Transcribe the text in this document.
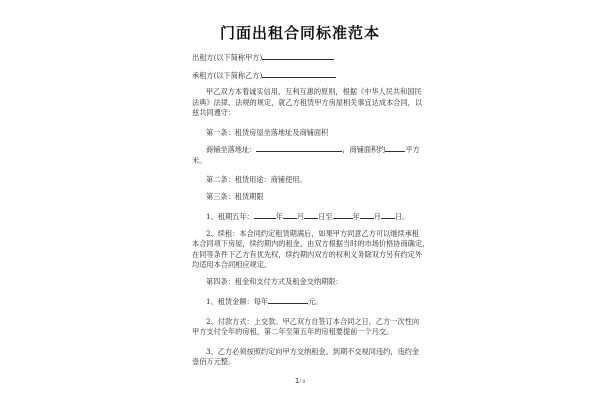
门面出租合同标准范本
出租方(以下简称甲方)
承租方(以下简称乙方)
甲乙双方本着诚实信用、互利互惠的原则，根据《中华人民共和国民
法典》法律、法规的规定，就乙方租赁甲方房屋相关事宜达成本合同，以
兹共同遵守：
第一条：租赁房屋坐落地址及商铺面积
商铺坐落地址：	，商铺面积约	平方
米。
第二条：租赁用途：商铺使用。
第三条：租赁期限
1、租期五年：	年 月 日至	年 月 日。
2、续租：本合同约定租赁期满后，如果甲方同意乙方可以继续承租
本合同项下房屋，续约期内的租金，由双方根据当时的市场价格协商确定，
在同等条件下乙方有优先权，续约期内双方的权利义务除双方另有约定外
均适用本合同相应规定。
第四条：租金和支付方式及租金交纳期限：
1、租赁金额：每年	元。
2、付款方式：上交款。甲乙双方自签订本合同之日，乙方一次性向
甲方支付全年的房租，第二年至第五年的房租要提前一个月交。
3、乙方必须按照约定向甲方交纳租金。到期不交视同违约，违约金
壹佰万元整。
1/ 4
